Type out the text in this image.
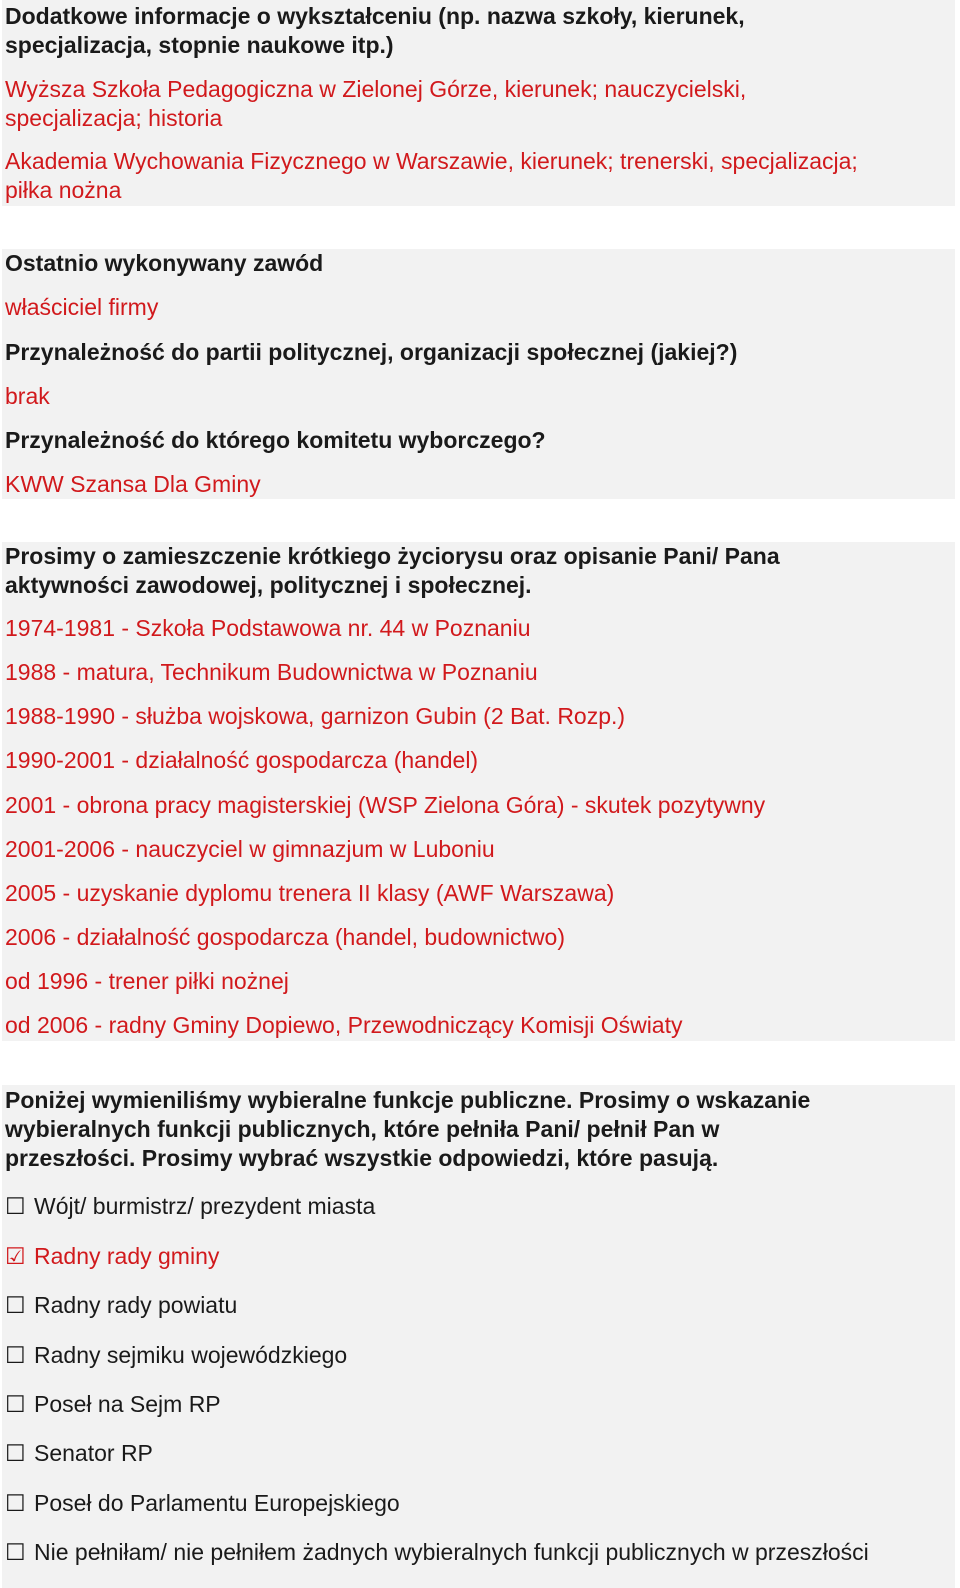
Dodatkowe informacje o wykształceniu (np. nazwa szkoły, kierunek,
specjalizacja, stopnie naukowe itp.)
Wyższa Szkoła Pedagogiczna w Zielonej Górze, kierunek; nauczycielski,
specjalizacja; historia
Akademia Wychowania Fizycznego w Warszawie, kierunek; trenerski, specjalizacja;
piłka nożna
Ostatnio wykonywany zawód
właściciel firmy
Przynależność do partii politycznej, organizacji społecznej (jakiej?)
brak
Przynależność do którego komitetu wyborczego?
KWW Szansa Dla Gminy
Prosimy o zamieszczenie krótkiego życiorysu oraz opisanie Pani/ Pana
aktywności zawodowej, politycznej i społecznej.
1974-1981 - Szkoła Podstawowa nr. 44 w Poznaniu
1988 - matura, Technikum Budownictwa w Poznaniu
1988-1990 - służba wojskowa, garnizon Gubin (2 Bat. Rozp.)
1990-2001 - działalność gospodarcza (handel)
2001 - obrona pracy magisterskiej (WSP Zielona Góra) - skutek pozytywny
2001-2006 - nauczyciel w gimnazjum w Luboniu
2005 - uzyskanie dyplomu trenera II klasy (AWF Warszawa)
2006 - działalność gospodarcza (handel, budownictwo)
od 1996 - trener piłki nożnej
od 2006 - radny Gminy Dopiewo, Przewodniczący Komisji Oświaty
Poniżej wymieniliśmy wybieralne funkcje publiczne. Prosimy o wskazanie
wybieralnych funkcji publicznych, które pełniła Pani/ pełnił Pan w
przeszłości. Prosimy wybrać wszystkie odpowiedzi, które pasują.
☐ Wójt/ burmistrz/ prezydent miasta
☑ Radny rady gminy
☐ Radny rady powiatu
☐ Radny sejmiku wojewódzkiego
☐ Poseł na Sejm RP
☐ Senator RP
☐ Poseł do Parlamentu Europejskiego
☐ Nie pełniłam/ nie pełniłem żadnych wybieralnych funkcji publicznych w przeszłości
